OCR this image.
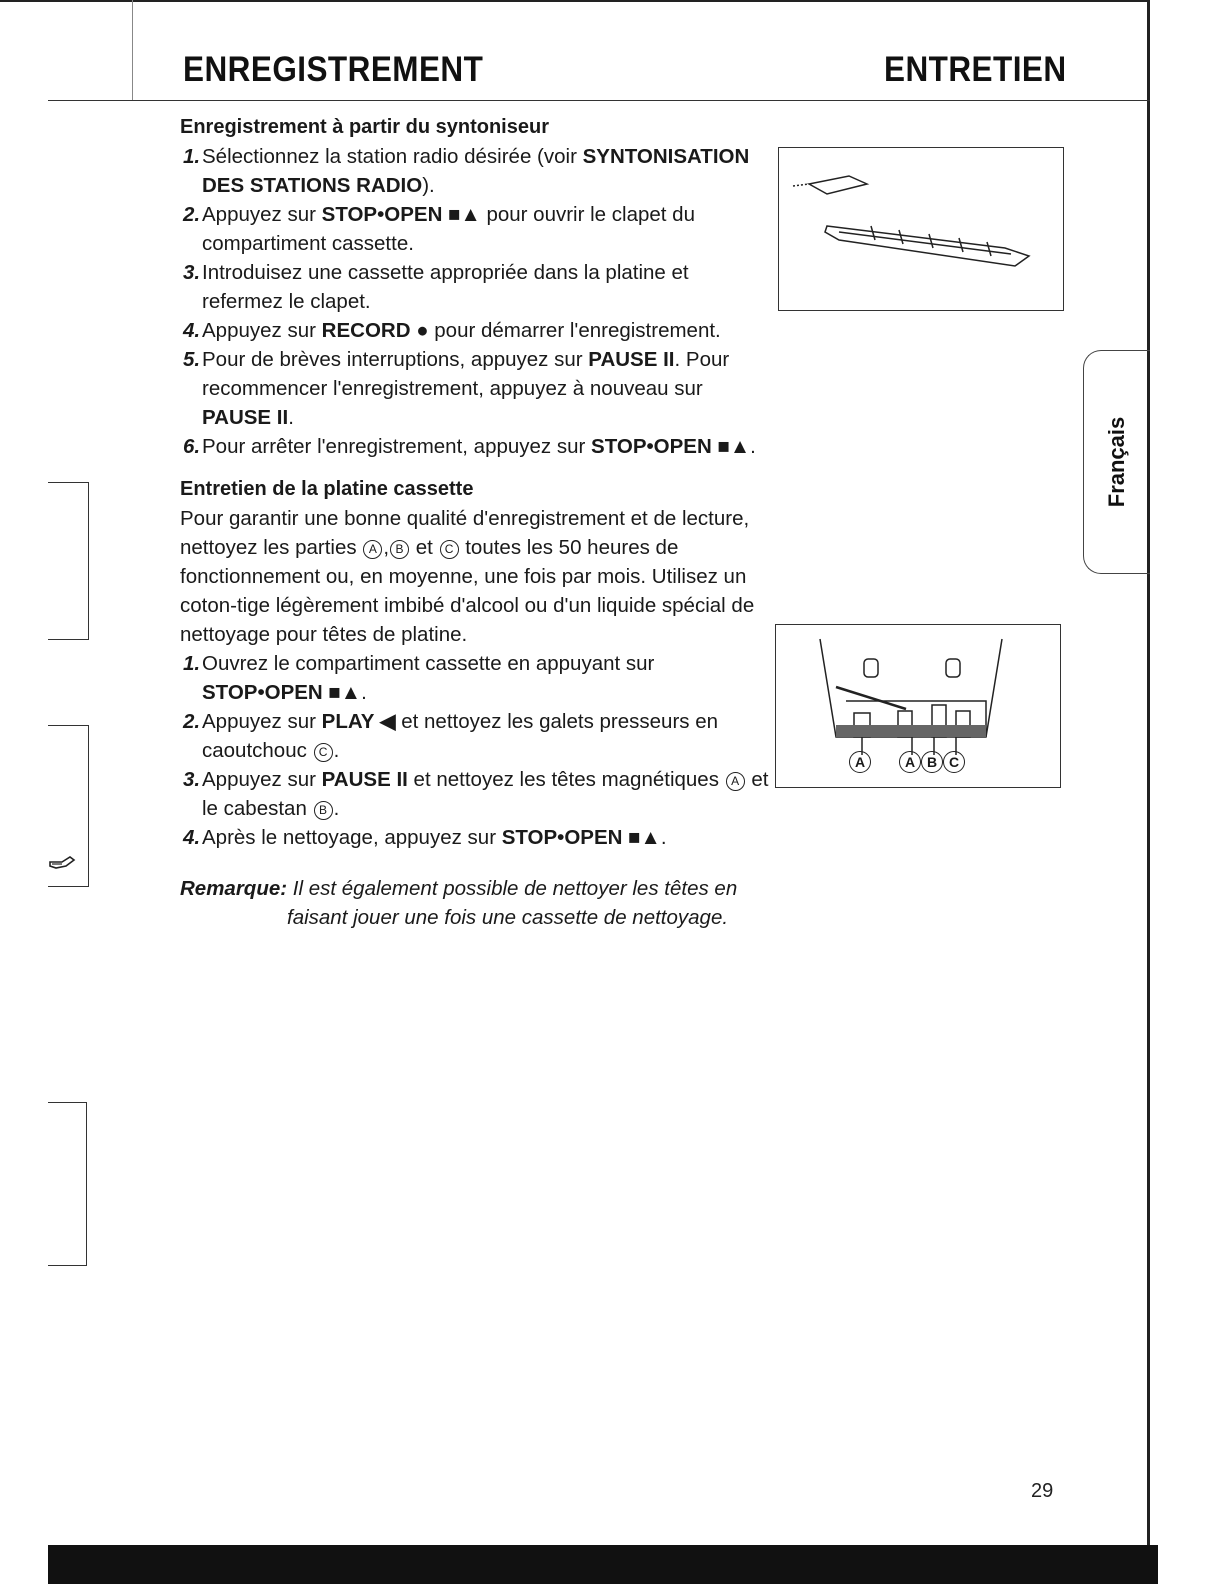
ENREGISTREMENT	ENTRETIEN
Français

Enregistrement à partir du syntoniseur

1. Sélectionnez la station radio désirée (voir SYNTONISATION DES STATIONS RADIO).
2. Appuyez sur STOP•OPEN ■▲ pour ouvrir le clapet du compartiment cassette.
3. Introduisez une cassette appropriée dans la platine et refermez le clapet.
4. Appuyez sur RECORD ● pour démarrer l'enregistrement.
5. Pour de brèves interruptions, appuyez sur PAUSE II. Pour recommencer l'enregistrement, appuyez à nouveau sur PAUSE II.
6. Pour arrêter l'enregistrement, appuyez sur STOP•OPEN ■▲.

Entretien de la platine cassette

Pour garantir une bonne qualité d'enregistrement et de lecture, nettoyez les parties A , B et C toutes les 50 heures de fonctionnement ou, en moyenne, une fois par mois. Utilisez un coton-tige légèrement imbibé d'alcool ou d'un liquide spécial de nettoyage pour têtes de platine.

1. Ouvrez le compartiment cassette en appuyant sur STOP•OPEN ■▲.
2. Appuyez sur PLAY ◀ et nettoyez les galets presseurs en caoutchouc C .
3. Appuyez sur PAUSE II et nettoyez les têtes magnétiques A et le cabestan B .
4. Après le nettoyage, appuyez sur STOP•OPEN ■▲.
Remarque: Il est également possible de nettoyer les têtes en
faisant jouer une fois une cassette de nettoyage.
A	A B C
29
